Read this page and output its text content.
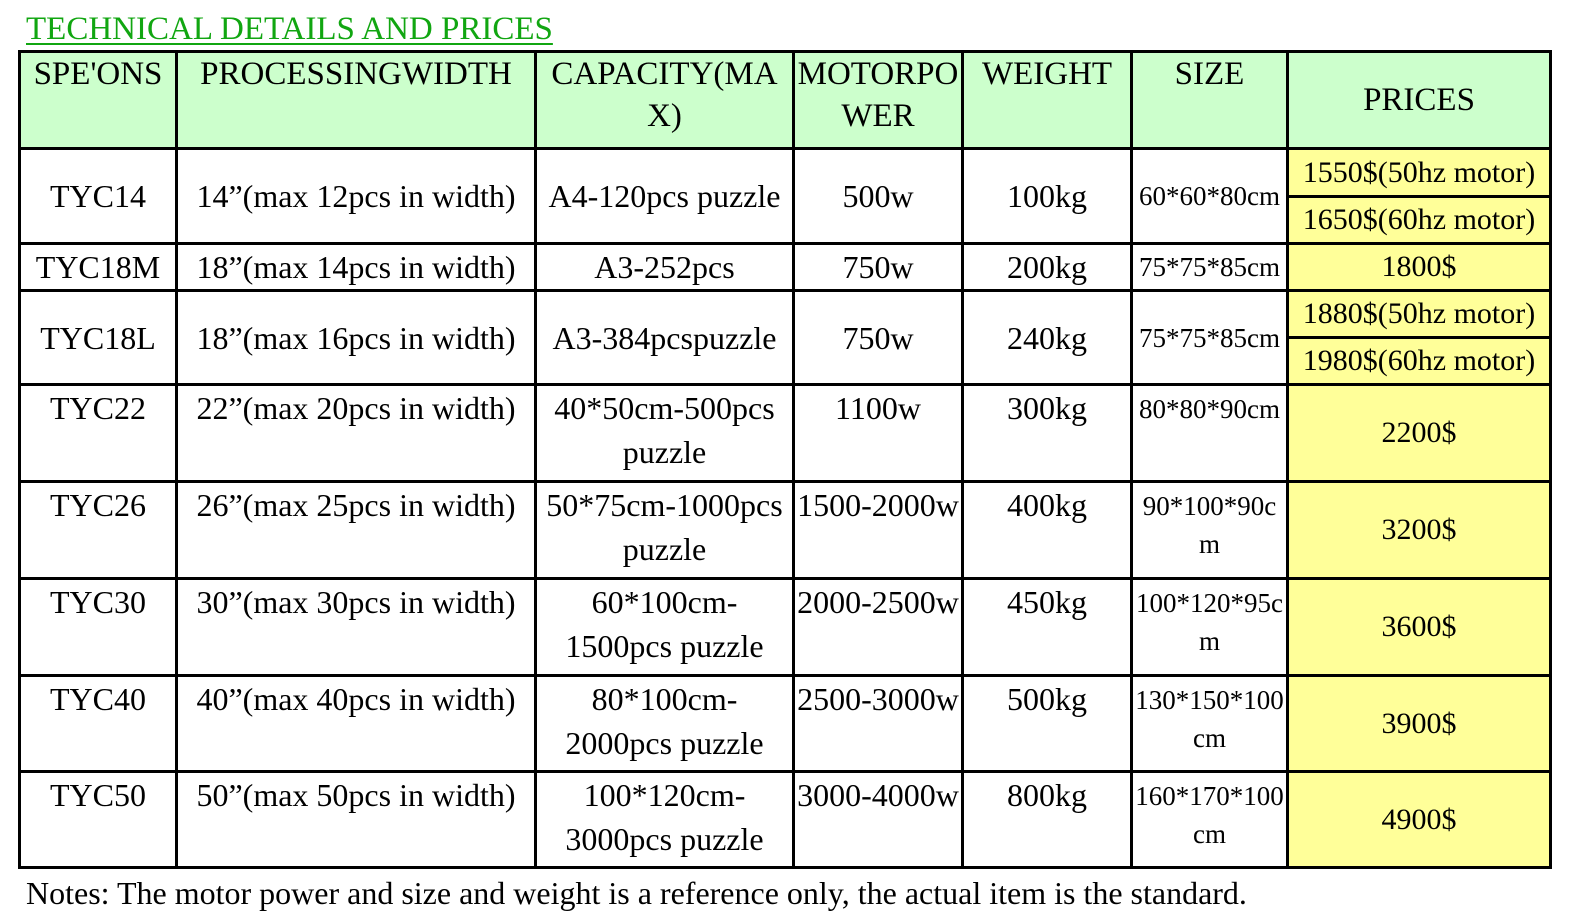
TECHNICAL DETAILS AND PRICES
SPE'ONS	PROCESSINGWIDTH	CAPACITY(MAX)	MOTORPOWER	WEIGHT	SIZE	PRICES
TYC14	14”(max 12pcs in width)	A4-120pcs puzzle	500w	100kg	60*60*80cm	1550$(50hz motor)
						1650$(60hz motor)
TYC18M	18”(max 14pcs in width)	A3-252pcs	750w	200kg	75*75*85cm	1800$
TYC18L	18”(max 16pcs in width)	A3-384pcspuzzle	750w	240kg	75*75*85cm	1880$(50hz motor)
						1980$(60hz motor)
TYC22	22”(max 20pcs in width)	40*50cm-500pcs puzzle	1100w	300kg	80*80*90cm	2200$
TYC26	26”(max 25pcs in width)	50*75cm-1000pcspuzzle	1500-2000w	400kg	90*100*90cm	3200$
TYC30	30”(max 30pcs in width)	60*100cm-1500pcs puzzle	2000-2500w	450kg	100*120*95cm	3600$
TYC40	40”(max 40pcs in width)	80*100cm-2000pcs puzzle	2500-3000w	500kg	130*150*100cm	3900$
TYC50	50”(max 50pcs in width)	100*120cm-3000pcs puzzle	3000-4000w	800kg	160*170*100cm	4900$
Notes: The motor power and size and weight is a reference only, the actual item is the standard.
